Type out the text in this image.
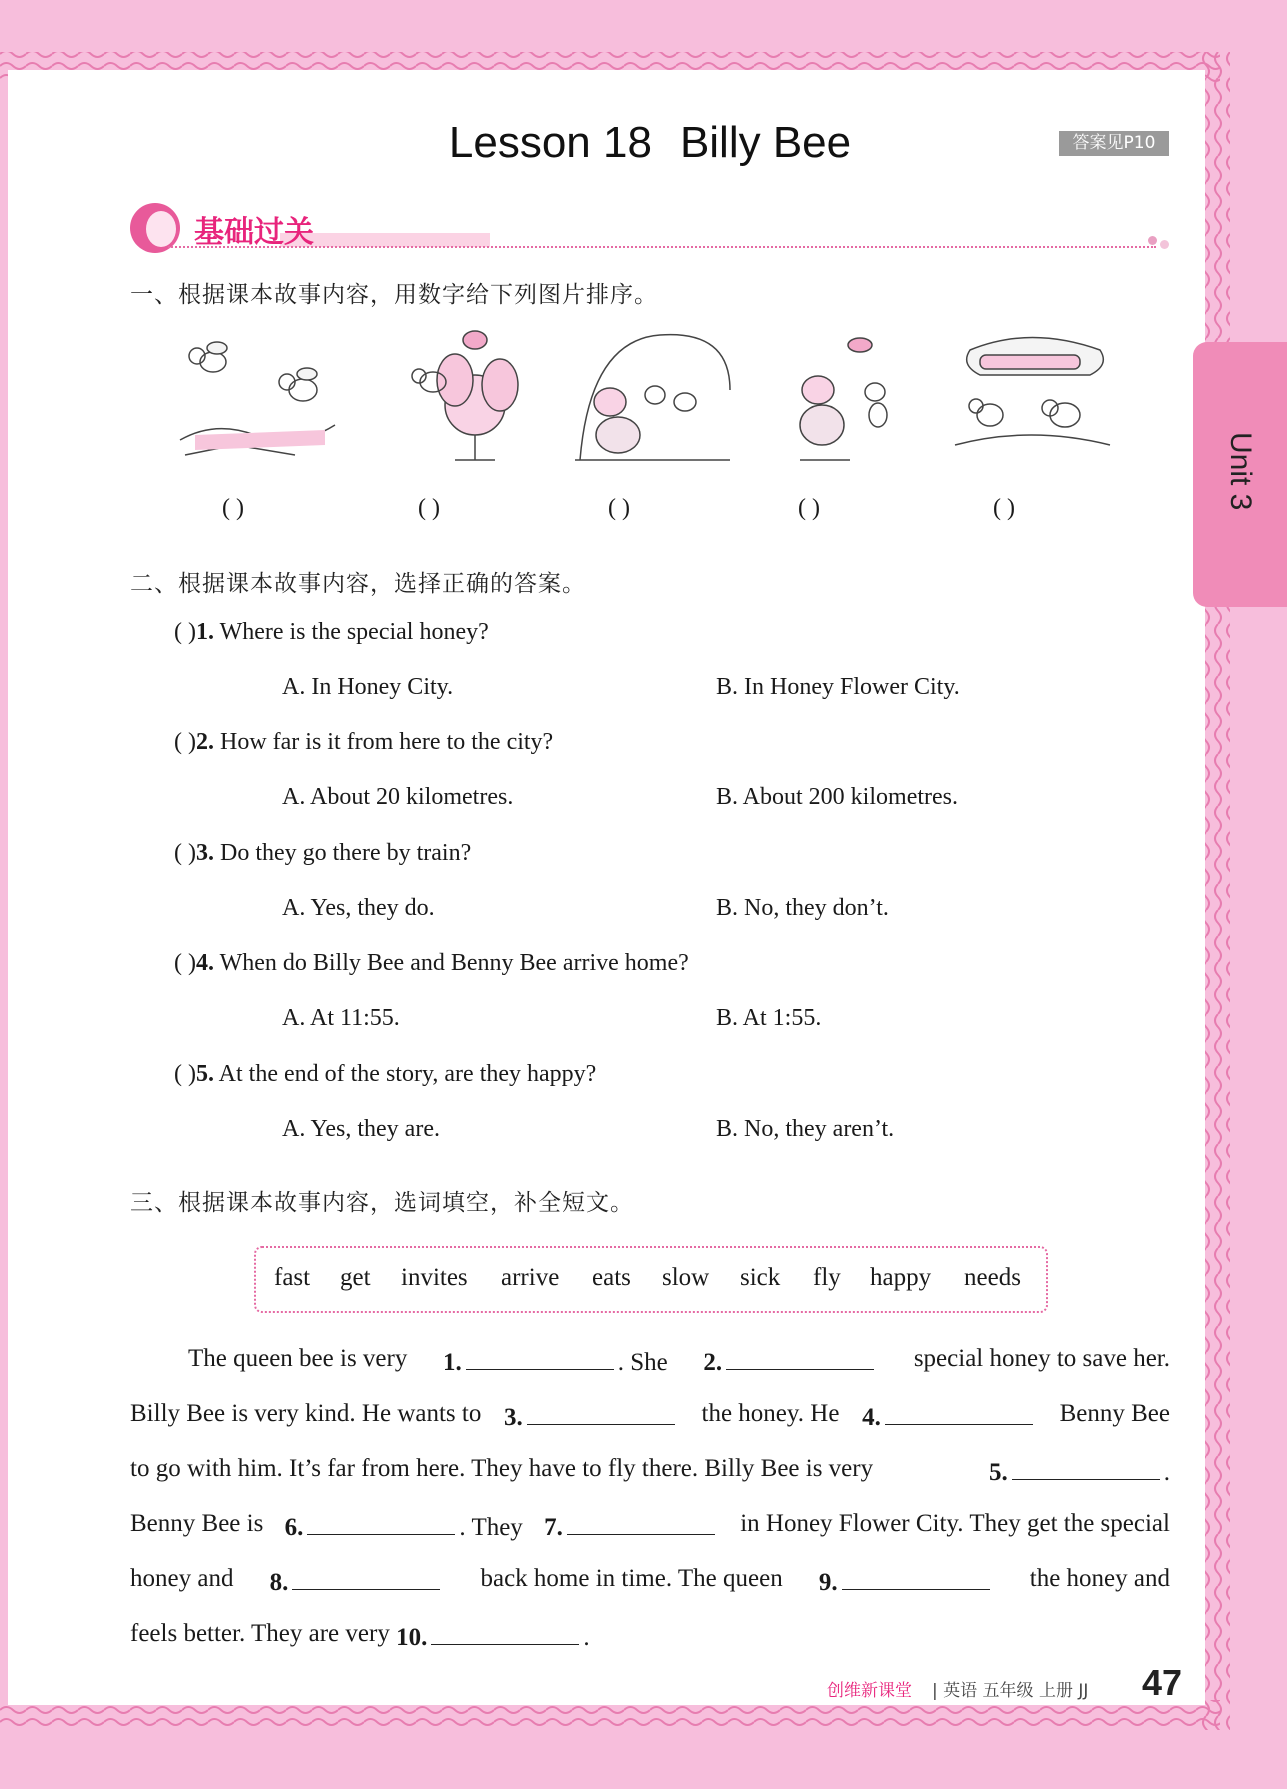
Unit 3
Lesson 18 Billy Bee	答案见P10
基础过关
一、根据课本故事内容，用数字给下列图片排序。
( )	( )	( )	( )	( )
二、根据课本故事内容，选择正确的答案。
( )1. Where is the special honey?
A. In Honey City.	B. In Honey Flower City.
( )2. How far is it from here to the city?
A. About 20 kilometres.	B. About 200 kilometres.
( )3. Do they go there by train?
A. Yes, they do.	B. No, they don’t.
( )4. When do Billy Bee and Benny Bee arrive home?
A. At 11:55.	B. At 1:55.
( )5. At the end of the story, are they happy?
A. Yes, they are.	B. No, they aren’t.
三、根据课本故事内容，选词填空，补全短文。
fast get invites arrive eats slow sick fly happy needs
The queen bee is very 1.	. She 2.	special honey to save her.
Billy Bee is very kind. He wants to 3.	the honey. He 4.	Benny Bee
to go with him. It’s far from here. They have to fly there. Billy Bee is very	5.	.
Benny Bee is 6.	. They 7.	in Honey Flower City. They get the special
honey and 8.	back home in time. The queen 9.	the honey and
feels better. They are very
10.	.
创维新课堂 | 英语 五年级 上册 JJ 47
